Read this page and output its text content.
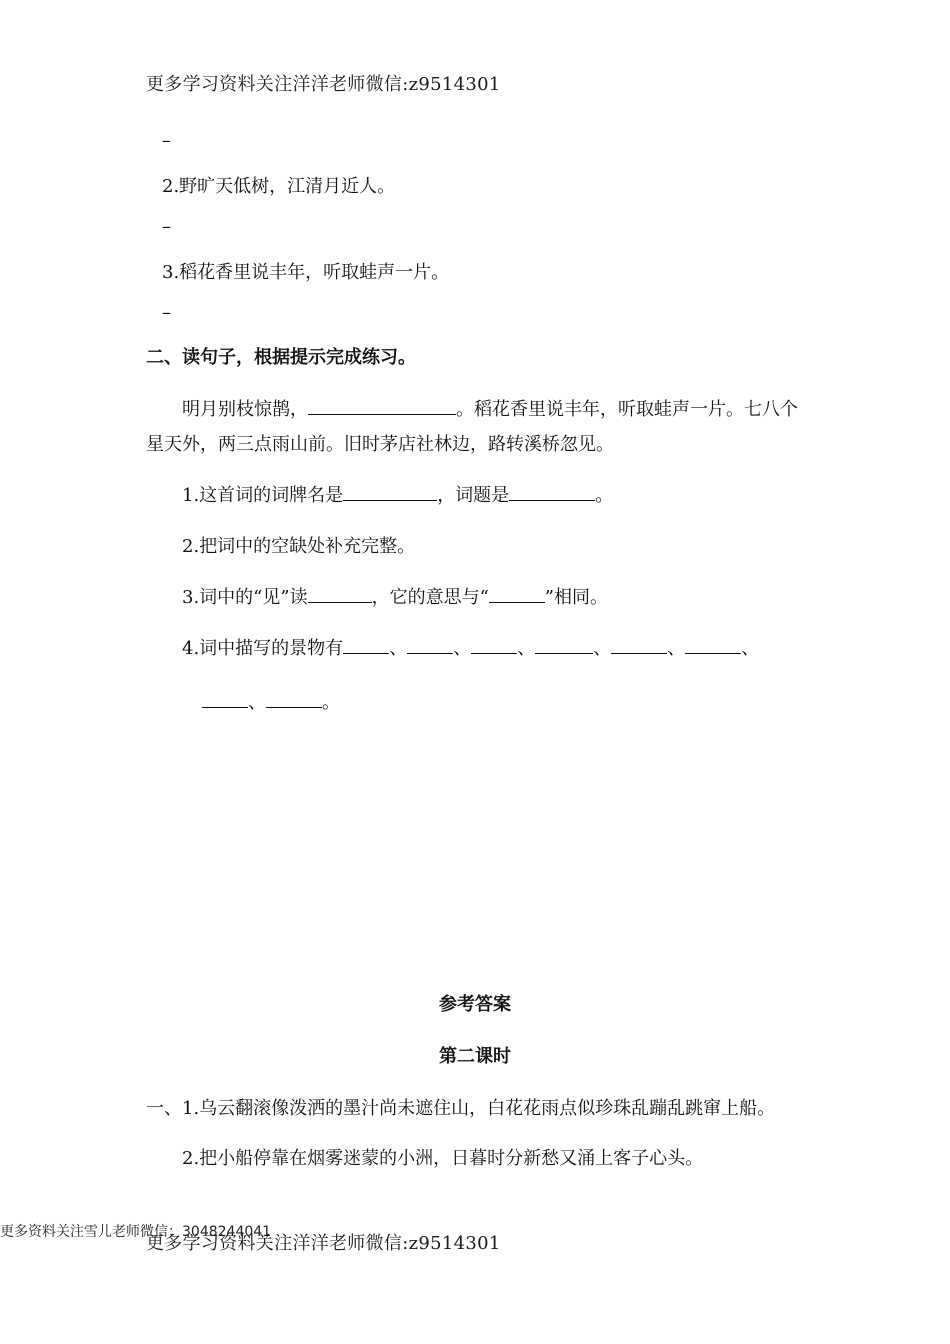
更多学习资料关注洋洋老师微信:z9514301
–
2.野旷天低树，江清月近人。
–
3.稻花香里说丰年，听取蛙声一片。
–
二、读句子，根据提示完成练习。
明月别枝惊鹊，	。稻花香里说丰年，听取蛙声一片。七八个
星天外，两三点雨山前。旧时茅店社林边，路转溪桥忽见。
1.这首词的词牌名是	，词题是	。
2.把词中的空缺处补充完整。
3.词中的“见”读	，它的意思与“	”相同。
4.词中描写的景物有	、	、	、	、	、	、
、	。
参考答案
第二课时
一、1.乌云翻滚像泼洒的墨汁尚未遮住山，白花花雨点似珍珠乱蹦乱跳窜上船。
2.把小船停靠在烟雾迷蒙的小洲，日暮时分新愁又涌上客子心头。
更多资料关注雪儿老师微信：3048244041
更多学习资料关注洋洋老师微信:z9514301
